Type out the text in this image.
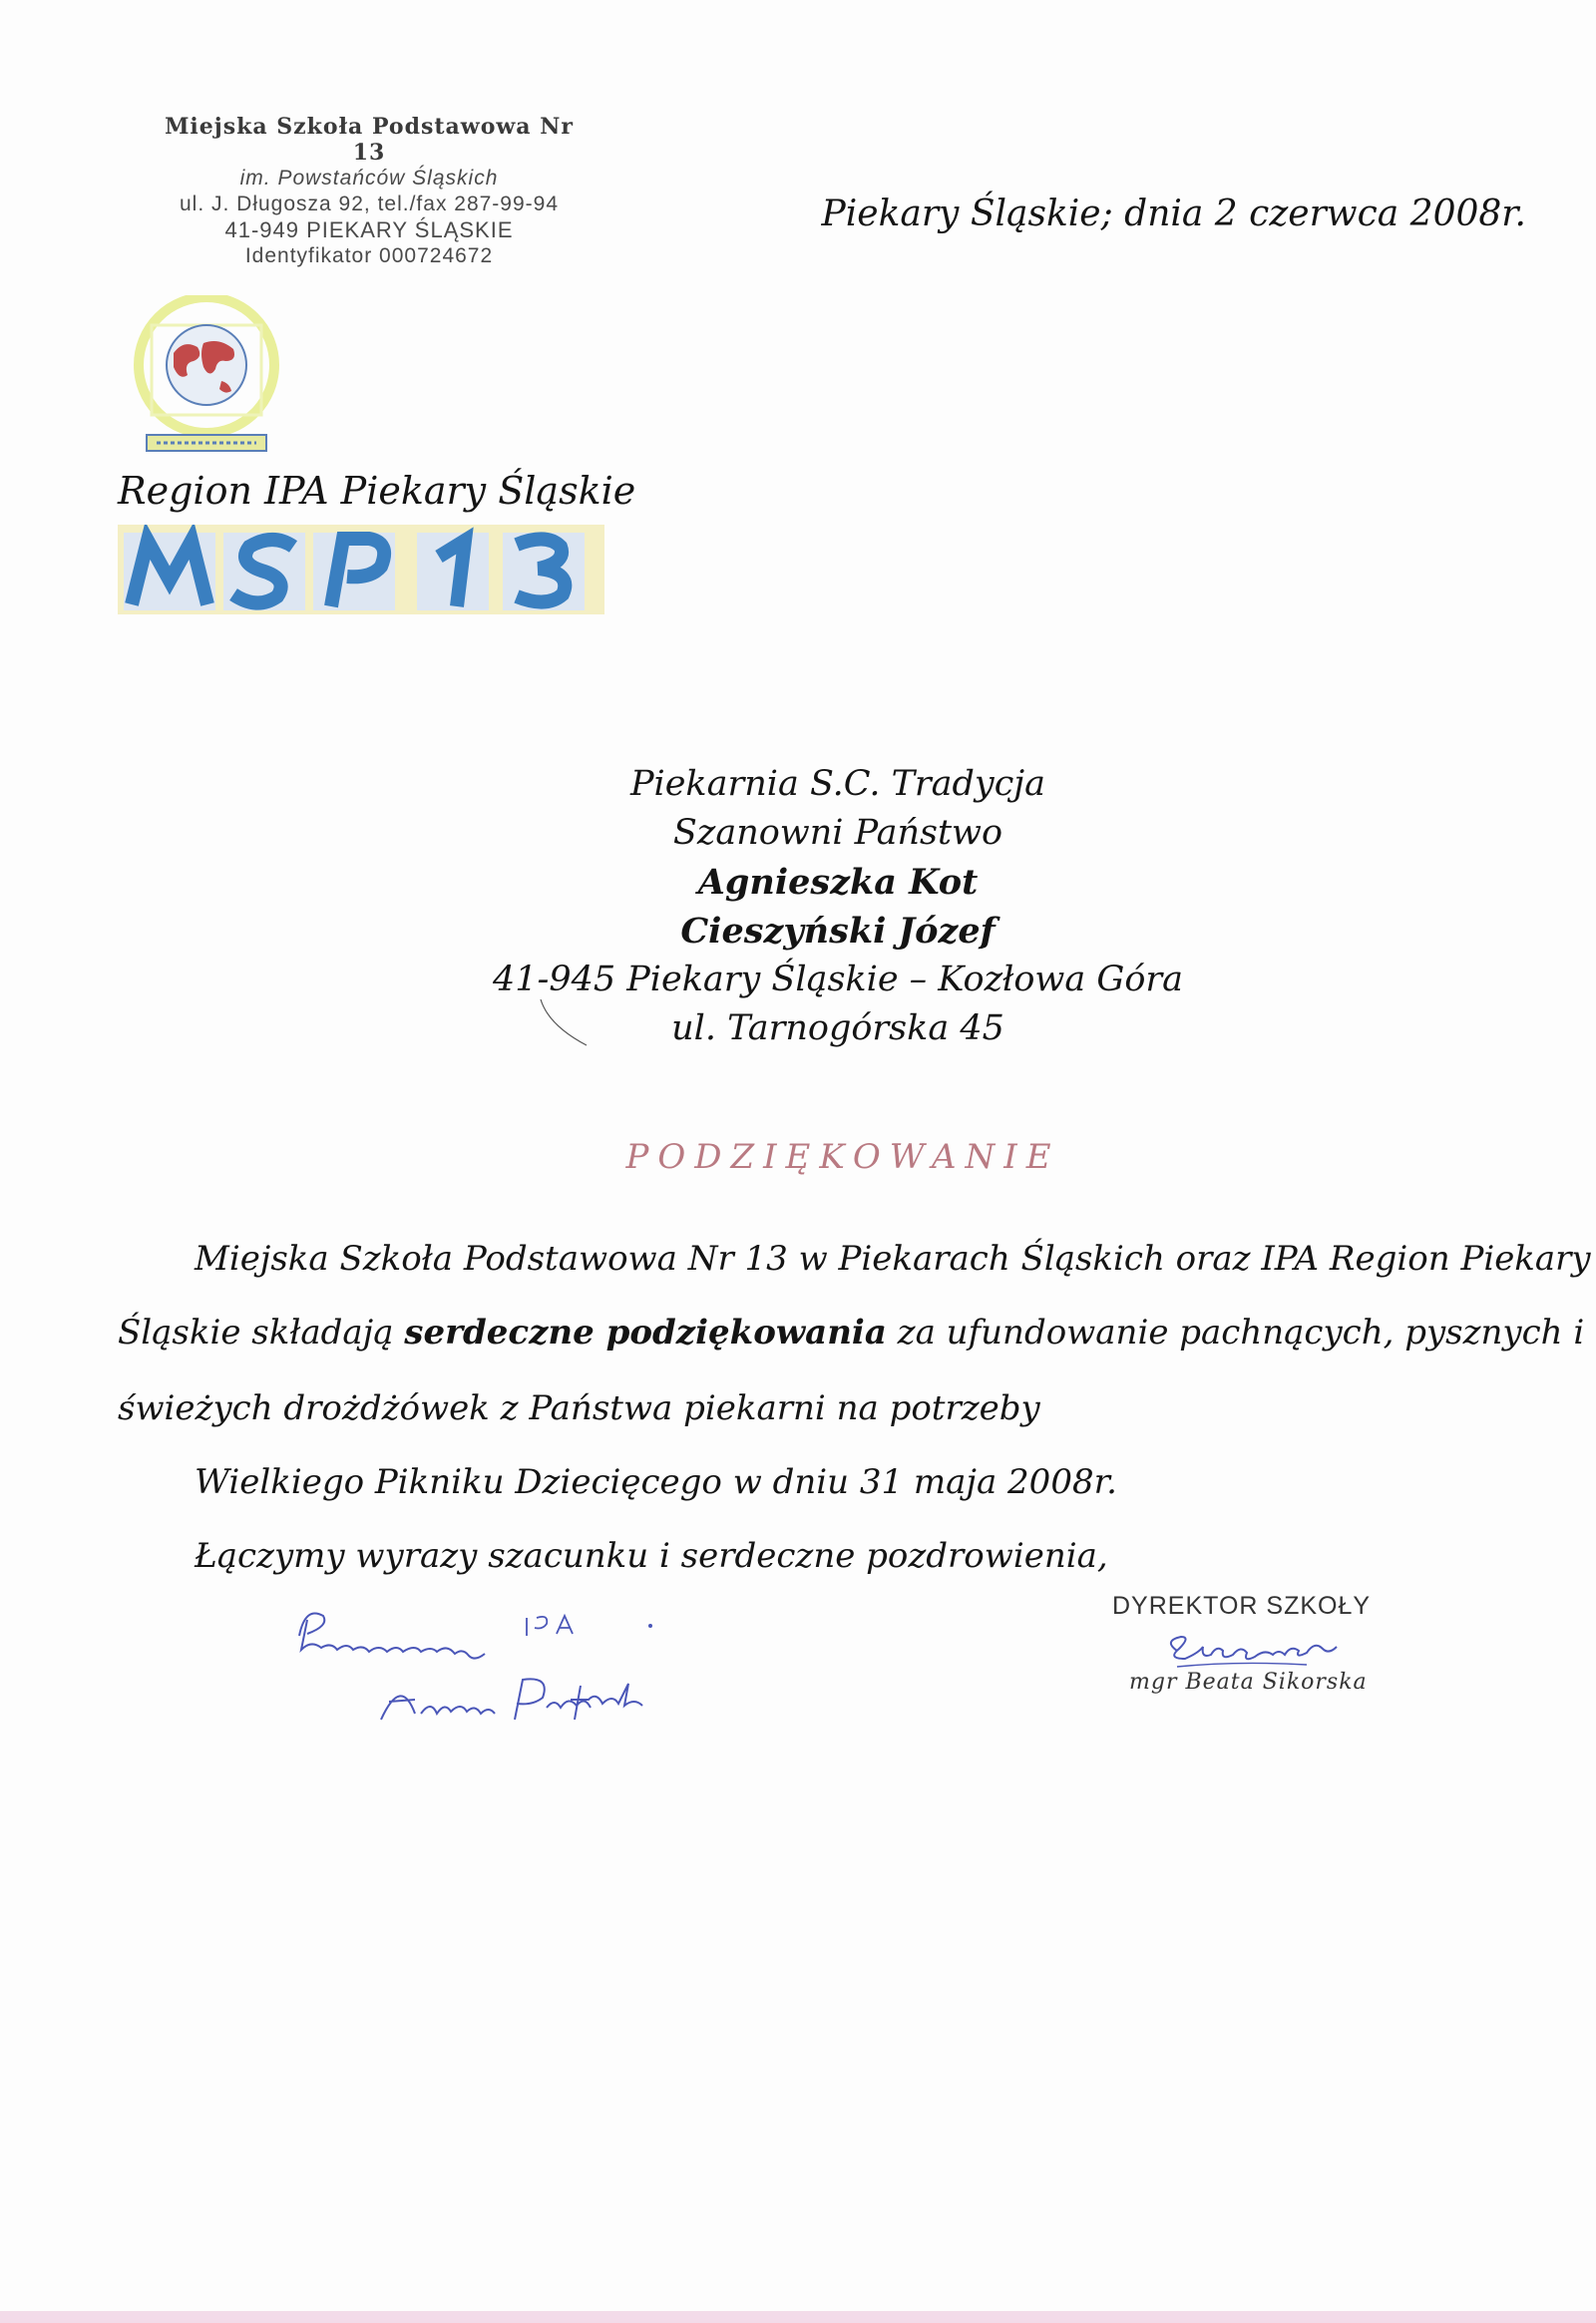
Miejska Szkoła Podstawowa Nr 13
im. Powstańców Śląskich
ul. J. Długosza 92, tel./fax 287-99-94
41-949 PIEKARY ŚLĄSKIE
Identyfikator 000724672
Piekary Śląskie; dnia 2 czerwca 2008r.
Region IPA Piekary Śląskie
Piekarnia S.C. Tradycja
Szanowni Państwo
Agnieszka Kot
Cieszyński Józef
41-945 Piekary Śląskie – Kozłowa Góra
ul. Tarnogórska 45
PODZIĘKOWANIE
Miejska Szkoła Podstawowa Nr 13 w Piekarach Śląskich oraz IPA Region Piekary
Śląskie składają serdeczne podziękowania za ufundowanie pachnących, pysznych i
świeżych drożdżówek z Państwa piekarni na potrzeby
Wielkiego Pikniku Dziecięcego w dniu 31 maja 2008r.
Łączymy wyrazy szacunku i serdeczne pozdrowienia,
DYREKTOR SZKOŁY
mgr Beata Sikorska
